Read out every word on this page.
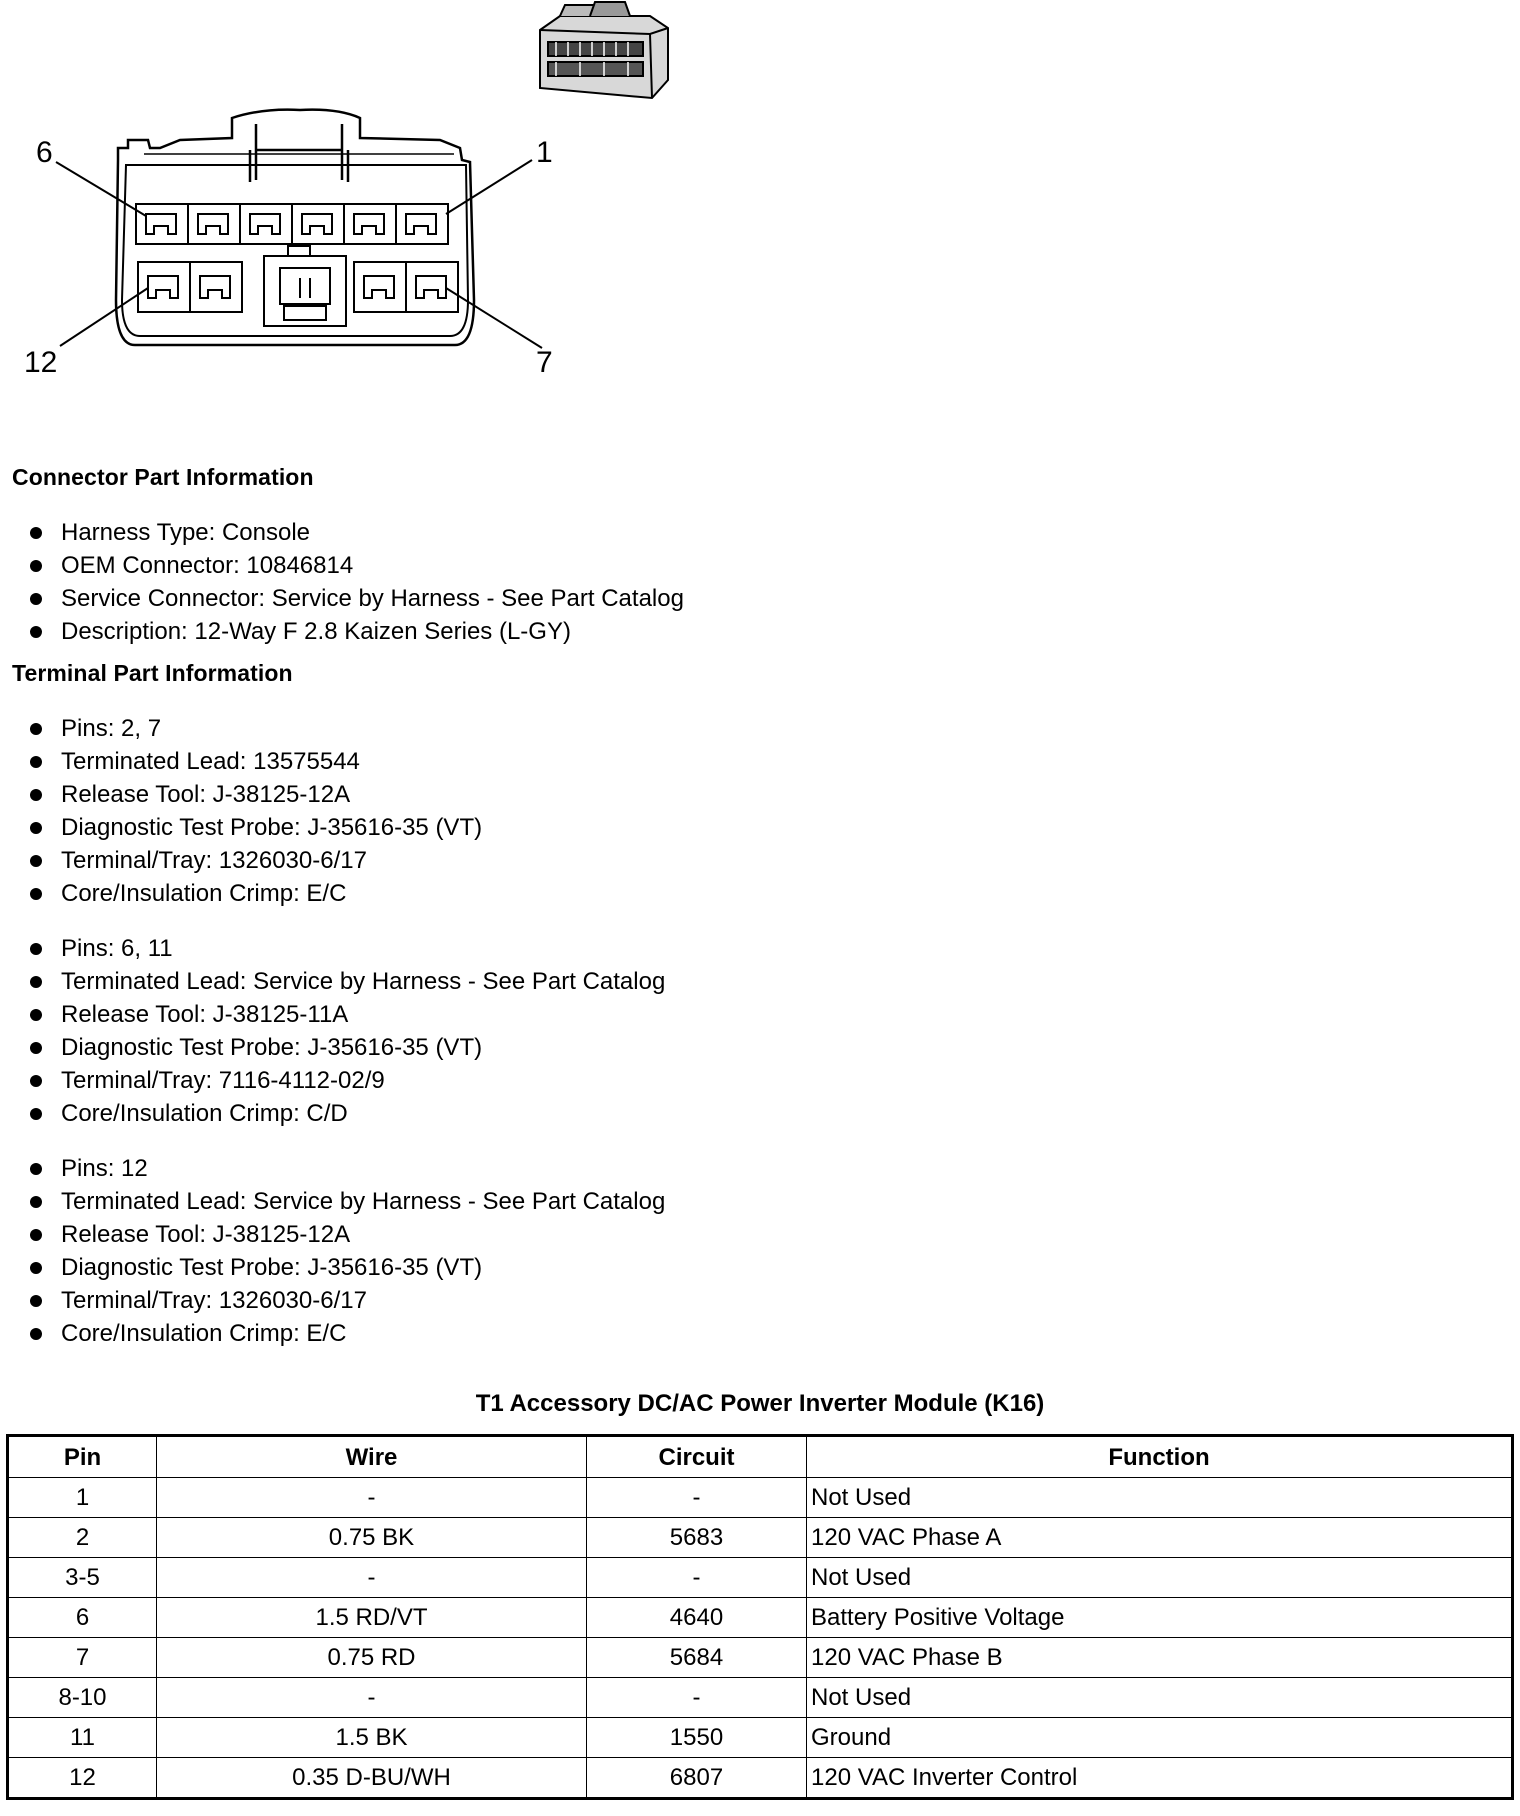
6	1
12	7
Connector Part Information
Harness Type: Console
OEM Connector: 10846814
Service Connector: Service by Harness - See Part Catalog
Description: 12-Way F 2.8 Kaizen Series (L-GY)
Terminal Part Information
Pins: 2, 7
Terminated Lead: 13575544
Release Tool: J-38125-12A
Diagnostic Test Probe: J-35616-35 (VT)
Terminal/Tray: 1326030-6/17
Core/Insulation Crimp: E/C
Pins: 6, 11
Terminated Lead: Service by Harness - See Part Catalog
Release Tool: J-38125-11A
Diagnostic Test Probe: J-35616-35 (VT)
Terminal/Tray: 7116-4112-02/9
Core/Insulation Crimp: C/D
Pins: 12
Terminated Lead: Service by Harness - See Part Catalog
Release Tool: J-38125-12A
Diagnostic Test Probe: J-35616-35 (VT)
Terminal/Tray: 1326030-6/17
Core/Insulation Crimp: E/C
T1 Accessory DC/AC Power Inverter Module (K16)
Pin	Wire	Circuit	Function
1	-	-	Not Used
2	0.75 BK	5683	120 VAC Phase A
3-5	-	-	Not Used
6	1.5 RD/VT	4640	Battery Positive Voltage
7	0.75 RD	5684	120 VAC Phase B
8-10	-	-	Not Used
11	1.5 BK	1550	Ground
12	0.35 D-BU/WH	6807	120 VAC Inverter Control
